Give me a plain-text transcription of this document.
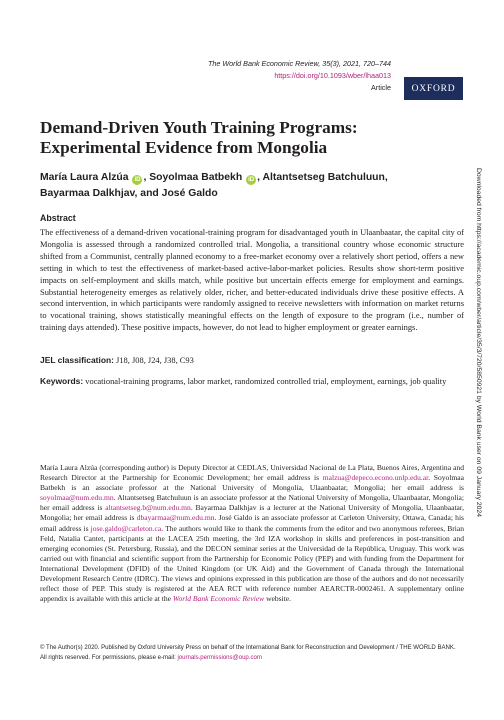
The World Bank Economic Review, 35(3), 2021, 720–744
https://doi.org/10.1093/wber/lhaa013
Article OXFORD
Demand-Driven Youth Training Programs:
Experimental Evidence from Mongolia

María Laura Alzúa iD , Soyolmaa Batbekh iD , Altantsetseg Batchuluun,
Bayarmaa Dalkhjav, and José Galdo

Abstract

The effectiveness of a demand-driven vocational-training program for disadvantaged youth in Ulaanbaatar, the capital city of Mongolia is assessed through a randomized controlled trial. Mongolia, a transitional country whose economic structure shifted from a Communist, centrally planned economy to a free-market economy over a relatively short period, offers a new setting in which to test the effectiveness of market-based active-labor-market policies. Results show short-term positive impacts on self-employment and skills match, while positive but uncertain effects emerge for employment and earnings. Substantial heterogeneity emerges as relatively older, richer, and better-educated individuals drive these positive effects. A second intervention, in which participants were randomly assigned to receive newsletters with information on market returns to vocational training, shows statistically meaningful effects on the length of exposure to the program (i.e., number of training days attended). These positive impacts, however, do not lead to higher employment or greater earnings.

JEL classification: J18, J08, J24, J38, C93

Keywords: vocational-training programs, labor market, randomized controlled trial, employment, earnings, job quality

María Laura Alzúa (corresponding author) is Deputy Director at CEDLAS, Universidad Nacional de La Plata, Buenos Aires, Argentina and Research Director at the Partnership for Economic Development; her email address is malzua@depeco.econo.unlp.edu.ar. Soyolmaa Batbekh is an associate professor at the National University of Mongolia, Ulaanbaatar, Mongolia; her email address is soyolmaa@num.edu.mn. Altantsetseg Batchuluun is an associate professor at the National University of Mongolia, Ulaanbaatar, Mongolia; her email address is altantsetseg.b@num.edu.mn. Bayarmaa Dalkhjav is a lecturer at the National University of Mongolia, Ulaanbaatar, Mongolia; her email address is dbayarmaa@num.edu.mn. José Galdo is an associate professor at Carleton University, Ottawa, Canada; his email address is jose.galdo@carleton.ca. The authors would like to thank the comments from the editor and two anonymous referees, Brian Feld, Natalia Cantet, participants at the LACEA 25th meeting, the 3rd IZA workshop in skills and preferences in post-transition and emerging economies (St. Petersburg, Russia), and the DECON seminar series at the Universidad de la República, Uruguay. This work was carried out with financial and scientific support from the Partnership for Economic Policy (PEP) and with funding from the Department for International Development (DFID) of the United Kingdom (or UK Aid) and the Government of Canada through the International Development Research Centre (IDRC). The views and opinions expressed in this publication are those of the authors and do not necessarily reflect those of PEP. This study is registered at the AEA RCT with reference number AEARCTR-0002461. A supplementary online appendix is available with this article at the World Bank Economic Review website.

© The Author(s) 2020. Published by Oxford University Press on behalf of the International Bank for Reconstruction and Development / THE WORLD BANK.
All rights reserved. For permissions, please e-mail: journals.permissions@oup.com

Downloaded from https://academic.oup.com/wber/article/35/3/720/5850921 by World Bank user on 09 January 2024
